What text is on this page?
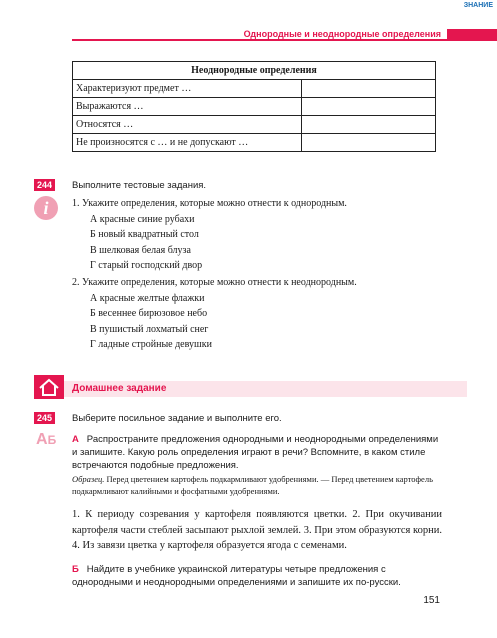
ЗНАНИЕ
Однородные и неоднородные определения
Неоднородные определения	
Характеризуют предмет …	
Выражаются …	
Относятся …	
Не произносятся с … и не допускают …	
244	Выполните тестовые задания.
i	1. Укажите определения, которые можно отнести к однородным.
А красные синие рубахи
Б новый квадратный стол
В шелковая белая блуза
Г старый господский двор
2. Укажите определения, которые можно отнести к неоднородным.
А красные желтые флажки
Б весеннее бирюзовое небо
В пушистый лохматый снег
Г ладные стройные девушки
Домашнее задание
245	Выберите посильное задание и выполните его.
AБ А Распространите предложения однородными и неоднородными определениями и запишите. Какую роль определения играют в речи? Вспомните, в каком стиле встречаются подобные предложения.
Образец. Перед цветением картофель подкармливают удобрениями. — Перед цветением картофель подкармливают калийными и фосфатными удобрениями.
1. К периоду созревания у картофеля появляются цветки. 2. При окучивании картофеля части стеблей засыпают рыхлой землей. 3. При этом образуются корни. 4. Из завязи цветка у картофеля образуется ягода с семенами.
Б Найдите в учебнике украинской литературы четыре предложения с однородными и неоднородными определениями и запишите их по-русски.
151
